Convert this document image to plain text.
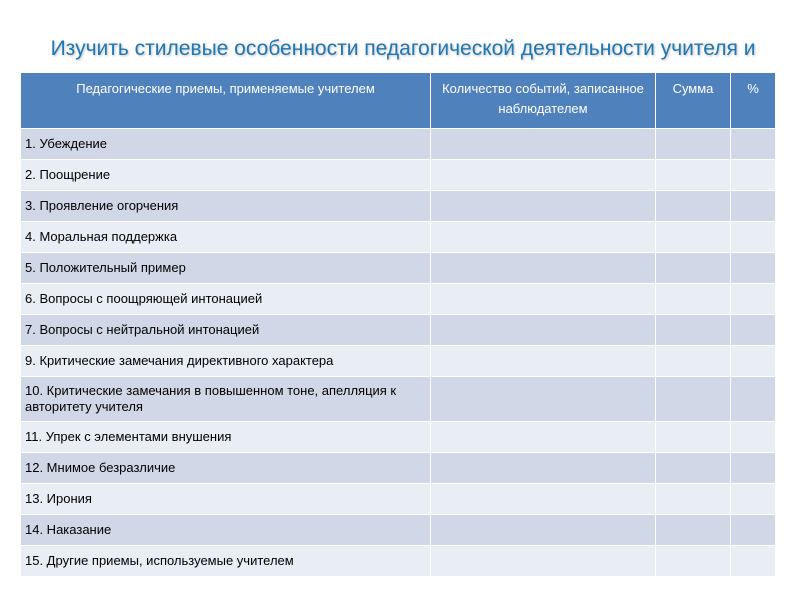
Изучить стилевые особенности педагогической деятельности учителя и
Педагогические приемы, применяемые учителем	Количество событий, записанное наблюдателем	Сумма	%
1. Убеждение			
2. Поощрение			
3. Проявление огорчения			
4. Моральная поддержка			
5. Положительный пример			
6. Вопросы с поощряющей интонацией			
7. Вопросы с нейтральной интонацией			
9. Критические замечания директивного характера			
10. Критические замечания в повышенном тоне, апелляция к авторитету учителя			
11. Упрек с элементами внушения			
12. Мнимое безразличие			
13. Ирония			
14. Наказание			
15. Другие приемы, используемые учителем			
